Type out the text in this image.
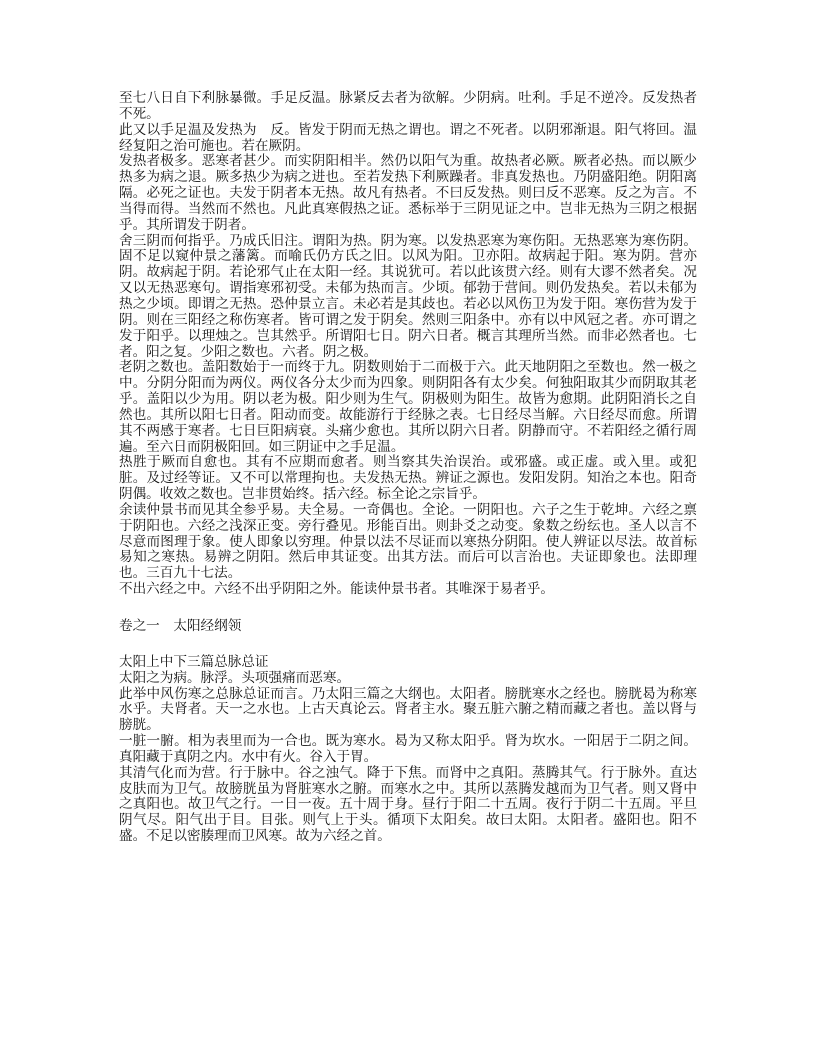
至七八日自下利脉暴微。手足反温。脉紧反去者为欲解。少阴病。吐利。手足不逆冷。反发热者不死。

此又以手足温及发热为　反。皆发于阴而无热之谓也。谓之不死者。以阴邪渐退。阳气将回。温经复阳之治可施也。若在厥阴。

发热者极多。恶寒者甚少。而实阴阳相半。然仍以阳气为重。故热者必厥。厥者必热。而以厥少热多为病之退。厥多热少为病之进也。至若发热下利厥躁者。非真发热也。乃阴盛阳绝。阴阳离隔。必死之证也。夫发于阴者本无热。故凡有热者。不曰反发热。则曰反不恶寒。反之为言。不当得而得。当然而不然也。凡此真寒假热之证。悉标举于三阴见证之中。岂非无热为三阴之根据乎。其所谓发于阴者。

舍三阴而何指乎。乃成氏旧注。谓阳为热。阴为寒。以发热恶寒为寒伤阳。无热恶寒为寒伤阴。固不足以窥仲景之藩篱。而喻氏仍方氏之旧。以风为阳。卫亦阳。故病起于阳。寒为阴。营亦阴。故病起于阴。若论邪气止在太阳一经。其说犹可。若以此该贯六经。则有大谬不然者矣。况又以无热恶寒句。谓指寒邪初受。未郁为热而言。少顷。郁勃于营间。则仍发热矣。若以未郁为热之少顷。即谓之无热。恐仲景立言。未必若是其歧也。若必以风伤卫为发于阳。寒伤营为发于阴。则在三阳经之称伤寒者。皆可谓之发于阴矣。然则三阳条中。亦有以中风冠之者。亦可谓之发于阳乎。以理烛之。岂其然乎。所谓阳七日。阴六日者。概言其理所当然。而非必然者也。七者。阳之复。少阳之数也。六者。阴之极。

老阴之数也。盖阳数始于一而终于九。阴数则始于二而极于六。此天地阴阳之至数也。然一极之中。分阴分阳而为两仪。两仪各分太少而为四象。则阴阳各有太少矣。何独阳取其少而阴取其老乎。盖阳以少为用。阴以老为极。阳少则为生气。阴极则为阳生。故皆为愈期。此阴阳消长之自然也。其所以阳七日者。阳动而变。故能游行于经脉之表。七日经尽当解。六日经尽而愈。所谓其不两感于寒者。七日巨阳病衰。头痛少愈也。其所以阴六日者。阴静而守。不若阳经之循行周遍。至六日而阴极阳回。如三阴证中之手足温。

热胜于厥而自愈也。其有不应期而愈者。则当察其失治误治。或邪盛。或正虚。或入里。或犯脏。及过经等证。又不可以常理拘也。夫发热无热。辨证之源也。发阳发阴。知治之本也。阳奇阴偶。收效之数也。岂非贯始终。括六经。标全论之宗旨乎。

余读仲景书而见其全参乎易。夫全易。一奇偶也。全论。一阴阳也。六子之生于乾坤。六经之禀于阴阳也。六经之浅深正变。旁行叠见。形能百出。则卦爻之动变。象数之纷纭也。圣人以言不尽意而图理于象。使人即象以穷理。仲景以法不尽证而以寒热分阴阳。使人辨证以尽法。故首标易知之寒热。易辨之阴阳。然后申其证变。出其方法。而后可以言治也。夫证即象也。法即理也。三百九十七法。

不出六经之中。六经不出乎阴阳之外。能读仲景书者。其唯深于易者乎。

卷之一　太阳经纲领

太阳上中下三篇总脉总证

太阳之为病。脉浮。头项强痛而恶寒。

此举中风伤寒之总脉总证而言。乃太阳三篇之大纲也。太阳者。膀胱寒水之经也。膀胱曷为称寒水乎。夫肾者。天一之水也。上古天真论云。肾者主水。聚五脏六腑之精而藏之者也。盖以肾与膀胱。

一脏一腑。相为表里而为一合也。既为寒水。曷为又称太阳乎。肾为坎水。一阳居于二阴之间。真阳藏于真阴之内。水中有火。谷入于胃。

其清气化而为营。行于脉中。谷之浊气。降于下焦。而肾中之真阳。蒸腾其气。行于脉外。直达皮肤而为卫气。故膀胱虽为肾脏寒水之腑。而寒水之中。其所以蒸腾发越而为卫气者。则又肾中之真阳也。故卫气之行。一日一夜。五十周于身。昼行于阳二十五周。夜行于阴二十五周。平旦阴气尽。阳气出于目。目张。则气上于头。循项下太阳矣。故曰太阳。太阳者。盛阳也。阳不盛。不足以密腠理而卫风寒。故为六经之首。
